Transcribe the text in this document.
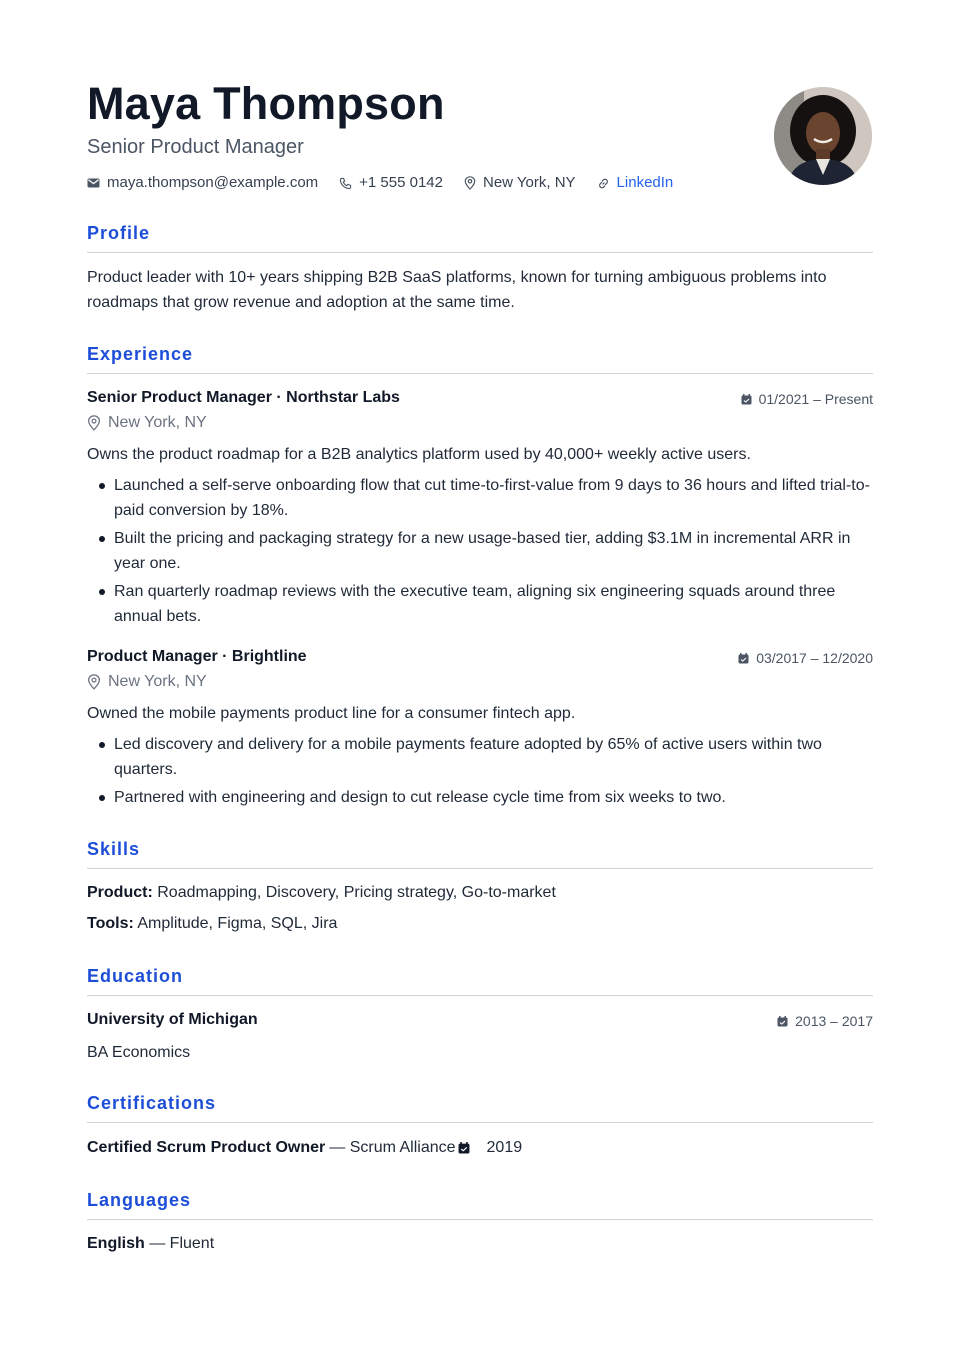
Maya Thompson
Senior Product Manager
maya.thompson@example.com	+1 555 0142	New York, NY	LinkedIn
Profile
Product leader with 10+ years shipping B2B SaaS platforms, known for turning ambiguous problems into roadmaps that grow revenue and adoption at the same time.
Experience
Senior Product Manager · Northstar Labs	01/2021 – Present
New York, NY
Owns the product roadmap for a B2B analytics platform used by 40,000+ weekly active users.
Launched a self-serve onboarding flow that cut time-to-first-value from 9 days to 36 hours and lifted trial-to-paid conversion by 18%.
Built the pricing and packaging strategy for a new usage-based tier, adding $3.1M in incremental ARR in year one.
Ran quarterly roadmap reviews with the executive team, aligning six engineering squads around three annual bets.
Product Manager · Brightline	03/2017 – 12/2020
New York, NY
Owned the mobile payments product line for a consumer fintech app.
Led discovery and delivery for a mobile payments feature adopted by 65% of active users within two quarters.
Partnered with engineering and design to cut release cycle time from six weeks to two.
Skills
Product: Roadmapping, Discovery, Pricing strategy, Go-to-market
Tools: Amplitude, Figma, SQL, Jira
Education
University of Michigan	2013 – 2017
BA Economics
Certifications
Certified Scrum Product Owner — Scrum Alliance 2019
Languages
English — Fluent
